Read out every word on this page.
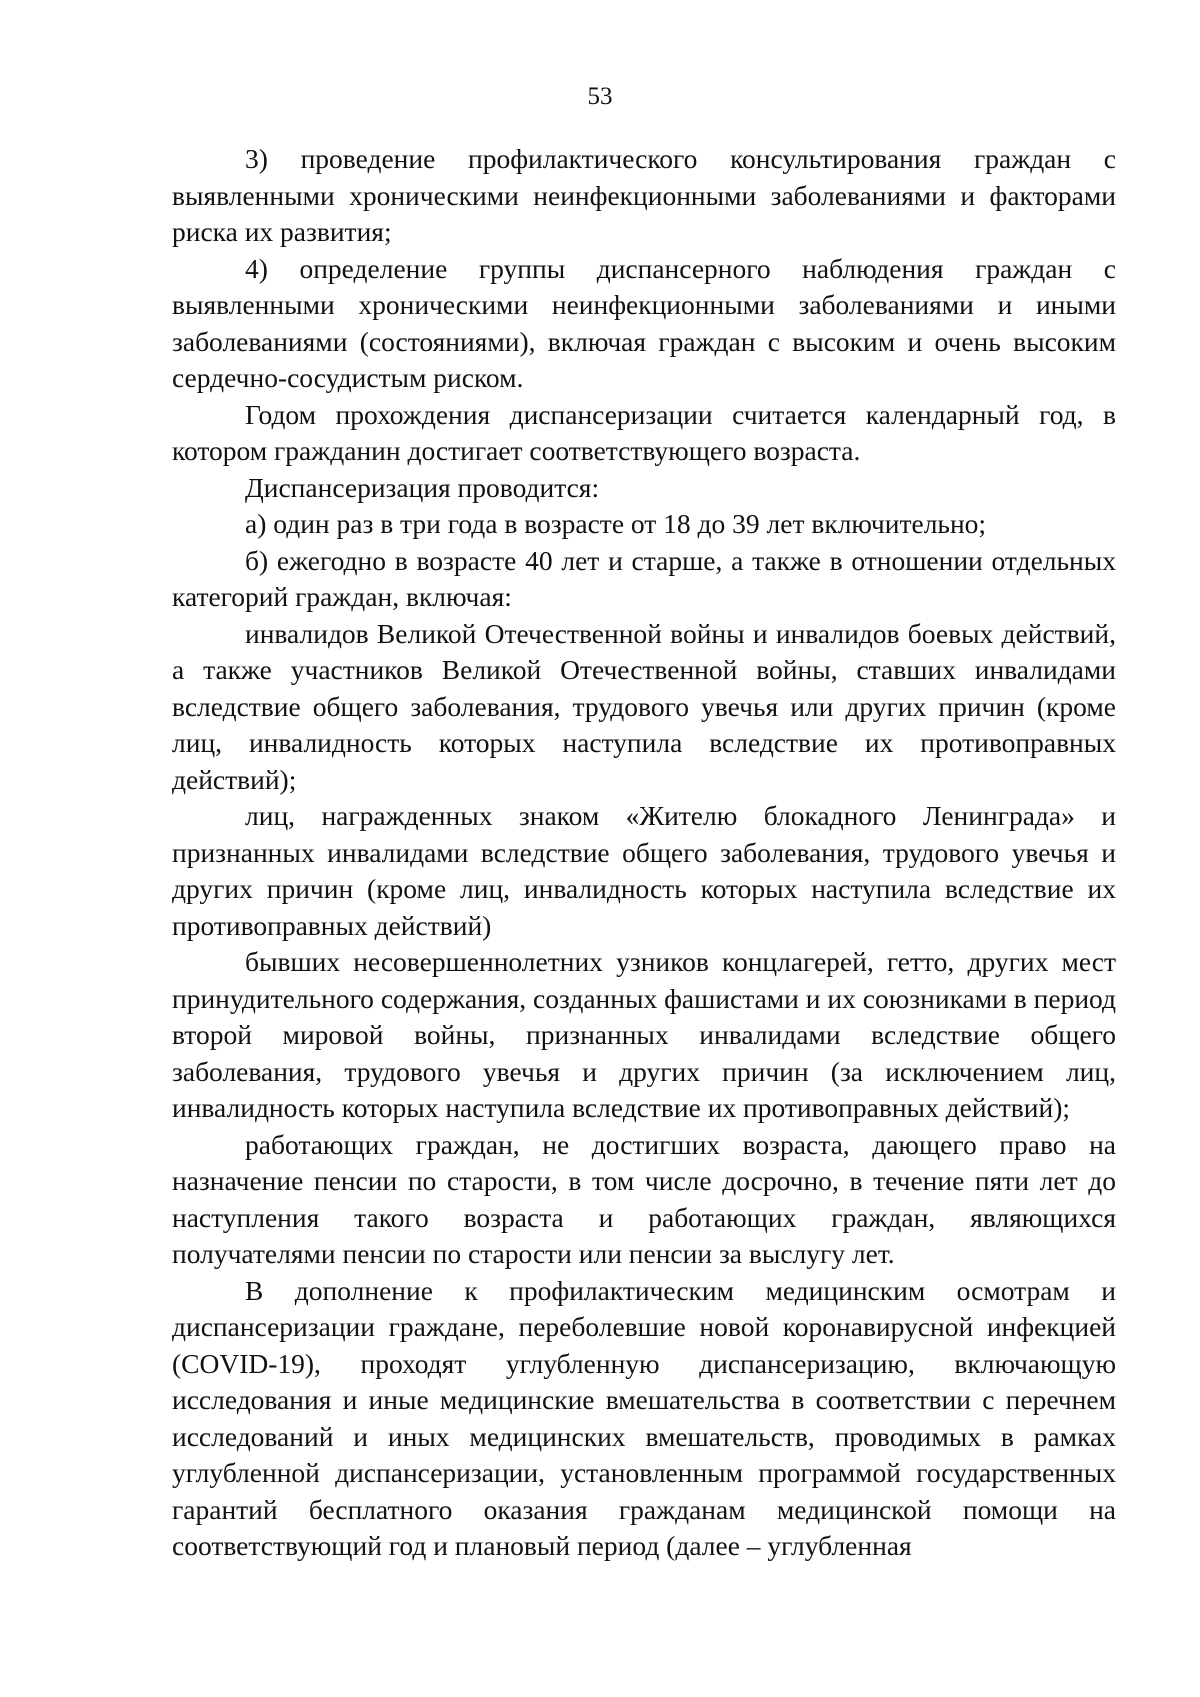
53

3) проведение профилактического консультирования граждан с выявленными хроническими неинфекционными заболеваниями и факторами риска их развития;

4) определение группы диспансерного наблюдения граждан с выявленными хроническими неинфекционными заболеваниями и иными заболеваниями (состояниями), включая граждан с высоким и очень высоким сердечно-сосудистым риском.

Годом прохождения диспансеризации считается календарный год, в котором гражданин достигает соответствующего возраста.

Диспансеризация проводится:

а) один раз в три года в возрасте от 18 до 39 лет включительно;

б) ежегодно в возрасте 40 лет и старше, а также в отношении отдельных категорий граждан, включая:

инвалидов Великой Отечественной войны и инвалидов боевых действий, а также участников Великой Отечественной войны, ставших инвалидами вследствие общего заболевания, трудового увечья или других причин (кроме лиц, инвалидность которых наступила вследствие их противоправных действий);

лиц, награжденных знаком «Жителю блокадного Ленинграда» и признанных инвалидами вследствие общего заболевания, трудового увечья и других причин (кроме лиц, инвалидность которых наступила вследствие их противоправных действий)

бывших несовершеннолетних узников концлагерей, гетто, других мест принудительного содержания, созданных фашистами и их союзниками в период второй мировой войны, признанных инвалидами вследствие общего заболевания, трудового увечья и других причин (за исключением лиц, инвалидность которых наступила вследствие их противоправных действий);

работающих граждан, не достигших возраста, дающего право на назначение пенсии по старости, в том числе досрочно, в течение пяти лет до наступления такого возраста и работающих граждан, являющихся получателями пенсии по старости или пенсии за выслугу лет.

В дополнение к профилактическим медицинским осмотрам и диспансеризации граждане, переболевшие новой коронавирусной инфекцией (COVID-19), проходят углубленную диспансеризацию, включающую исследования и иные медицинские вмешательства в соответствии с перечнем исследований и иных медицинских вмешательств, проводимых в рамках углубленной диспансеризации, установленным программой государственных гарантий бесплатного оказания гражданам медицинской помощи на соответствующий год и плановый период (далее – углубленная
